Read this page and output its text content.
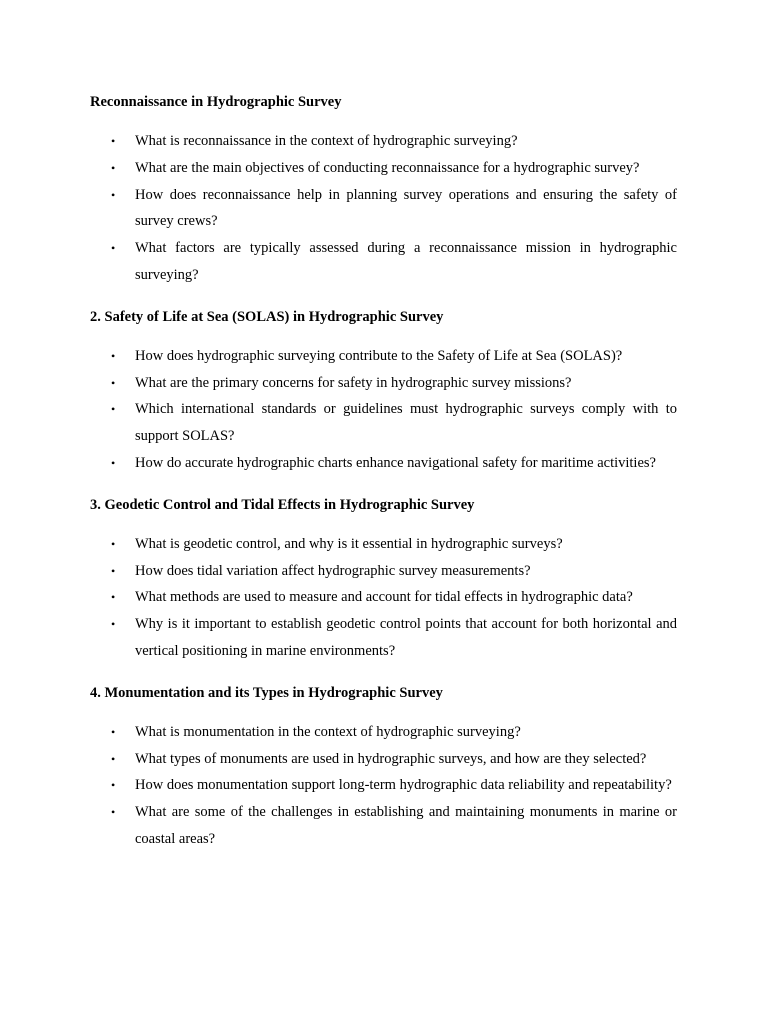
Reconnaissance in Hydrographic Survey
• What is reconnaissance in the context of hydrographic surveying?
• What are the main objectives of conducting reconnaissance for a hydrographic survey?
• How does reconnaissance help in planning survey operations and ensuring the safety of survey crews?
• What factors are typically assessed during a reconnaissance mission in hydrographic surveying?
2. Safety of Life at Sea (SOLAS) in Hydrographic Survey
• How does hydrographic surveying contribute to the Safety of Life at Sea (SOLAS)?
• What are the primary concerns for safety in hydrographic survey missions?
• Which international standards or guidelines must hydrographic surveys comply with to support SOLAS?
• How do accurate hydrographic charts enhance navigational safety for maritime activities?
3. Geodetic Control and Tidal Effects in Hydrographic Survey
• What is geodetic control, and why is it essential in hydrographic surveys?
• How does tidal variation affect hydrographic survey measurements?
• What methods are used to measure and account for tidal effects in hydrographic data?
• Why is it important to establish geodetic control points that account for both horizontal and vertical positioning in marine environments?
4. Monumentation and its Types in Hydrographic Survey
• What is monumentation in the context of hydrographic surveying?
• What types of monuments are used in hydrographic surveys, and how are they selected?
• How does monumentation support long-term hydrographic data reliability and repeatability?
• What are some of the challenges in establishing and maintaining monuments in marine or coastal areas?
